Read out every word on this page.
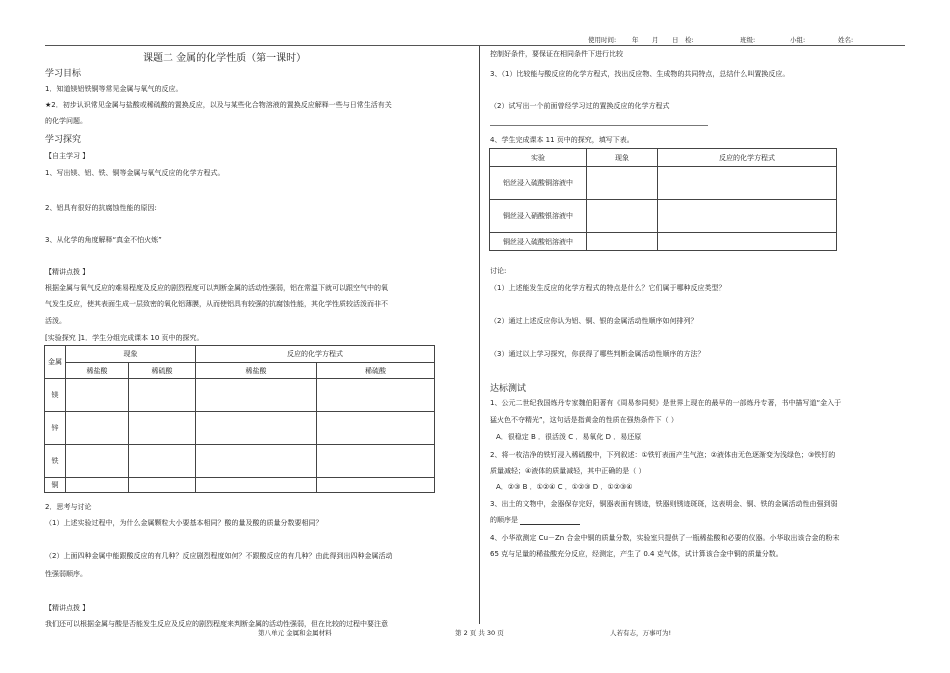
使用时间: 年 月 日 检:	班级:	小组:	姓名:
课题二 金属的化学性质（第一课时）
学习目标
1．知道镁铝铁铜等常见金属与氧气的反应。
★2．初步认识常见金属与盐酸或稀硫酸的置换反应，以及与某些化合物溶液的置换反应解释一些与日常生活有关
的化学问题。
学习探究
【自主学习 】
1、写出镁、铝、铁、铜等金属与氧气反应的化学方程式。
2、铝具有很好的抗腐蚀性能的原因:
3、从化学的角度解释“真金不怕火炼”
【精讲点拨 】
根据金属与氧气反应的难易程度及反应的剧烈程度可以判断金属的活动性强弱，铝在常温下就可以跟空气中的氧
气发生反应，使其表面生成一层致密的氧化铝薄膜，从而使铝具有较强的抗腐蚀性能，其化学性质较活泼而非不
活泼。
[实验探究 ]1．学生分组完成课本 10 页中的探究。
金属	现象		反应的化学方程式	
	稀盐酸	稀硫酸	稀盐酸	稀硫酸
镁				
锌				
铁				
铜				
2．思考与讨论
（1）上述实验过程中，为什么金属颗粒大小要基本相同？酸的量及酸的质量分数要相同？
（2）上面四种金属中能跟酸反应的有几种？反应剧烈程度如何？不跟酸反应的有几种？由此得到出四种金属活动
性强弱顺序。
【精讲点拨 】
我们还可以根据金属与酸是否能发生反应及反应的剧烈程度来判断金属的活动性强弱，但在比较的过程中要注意
控制好条件，要保证在相同条件下进行比较
3、（1）比较能与酸反应的化学方程式，找出反应物、生成物的共同特点，总结什么叫置换反应。
（2）试写出一个前面曾经学习过的置换反应的化学方程式
4、学生完成课本 11 页中的探究，填写下表。
实验	现象	反应的化学方程式
铝丝浸入硫酸铜溶液中		
铜丝浸入硝酸银溶液中		
铜丝浸入硫酸铝溶液中		
讨论:
（1）上述能发生反应的化学方程式的特点是什么？它们属于哪种反应类型？
（2）通过上述反应你认为铝、铜、银的金属活动性顺序如何排列？
（3）通过以上学习探究，你获得了哪些判断金属活动性顺序的方法？
达标测试
1、公元二世纪我国炼丹专家魏伯阳著有《周易参同契》是世界上现在的最早的一部炼丹专著，书中描写道“金入于
猛火色不夺精光”，这句话是指黄金的性质在强热条件下（ ）
A．很稳定 B ．很活泼 C ．易氧化 D ．易还原
2、将一枚洁净的铁钉浸入稀硫酸中，下列叙述：①铁钉表面产生气泡；②液体由无色逐渐变为浅绿色；③铁钉的
质量减轻；④液体的质量减轻，其中正确的是（ ）
A．②③ B ．①②④ C ．①②③ D ．①②③④
3、出土的文物中，金器保存完好，铜器表面有锈迹，铁器则锈迹斑斑，这表明金、铜、铁的金属活动性由强到弱
的顺序是
4、小华欲测定 Cu－Zn 合金中铜的质量分数，实验室只提供了一瓶稀盐酸和必要的仪器。小华取出该合金的粉末
65 克与足量的稀盐酸充分反应，经测定，产生了 0.4 克气体，试计算该合金中铜的质量分数。
第八单元 金属和金属材料	第 2 页 共 30 页	人若有志，万事可为!
